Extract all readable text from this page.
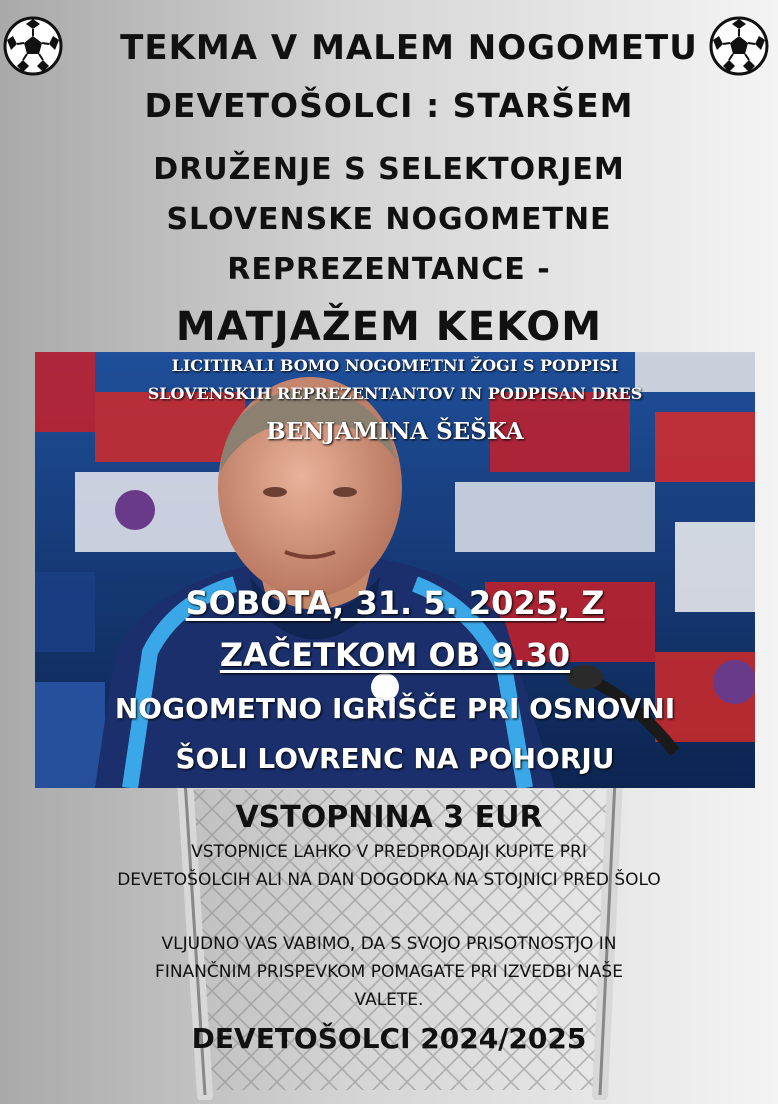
TEKMA V MALEM NOGOMETU
DEVETOŠOLCI : STARŠEM
DRUŽENJE S SELEKTORJEM
SLOVENSKE NOGOMETNE
REPREZENTANCE -
MATJAŽEM KEKOM
LICITIRALI BOMO NOGOMETNI ŽOGI S PODPISI
SLOVENSKIH REPREZENTANTOV IN PODPISAN DRES
BENJAMINA ŠEŠKA
SOBOTA, 31. 5. 2025, Z
ZAČETKOM OB 9.30
NOGOMETNO IGRIŠČE PRI OSNOVNI
ŠOLI LOVRENC NA POHORJU
VSTOPNINA 3 EUR
VSTOPNICE LAHKO V PREDPRODAJI KUPITE PRI
DEVETOŠOLCIH ALI NA DAN DOGODKA NA STOJNICI PRED ŠOLO
VLJUDNO VAS VABIMO, DA S SVOJO PRISOTNOSTJO IN
FINANČNIM PRISPEVKOM POMAGATE PRI IZVEDBI NAŠE
VALETE.
DEVETOŠOLCI 2024/2025
